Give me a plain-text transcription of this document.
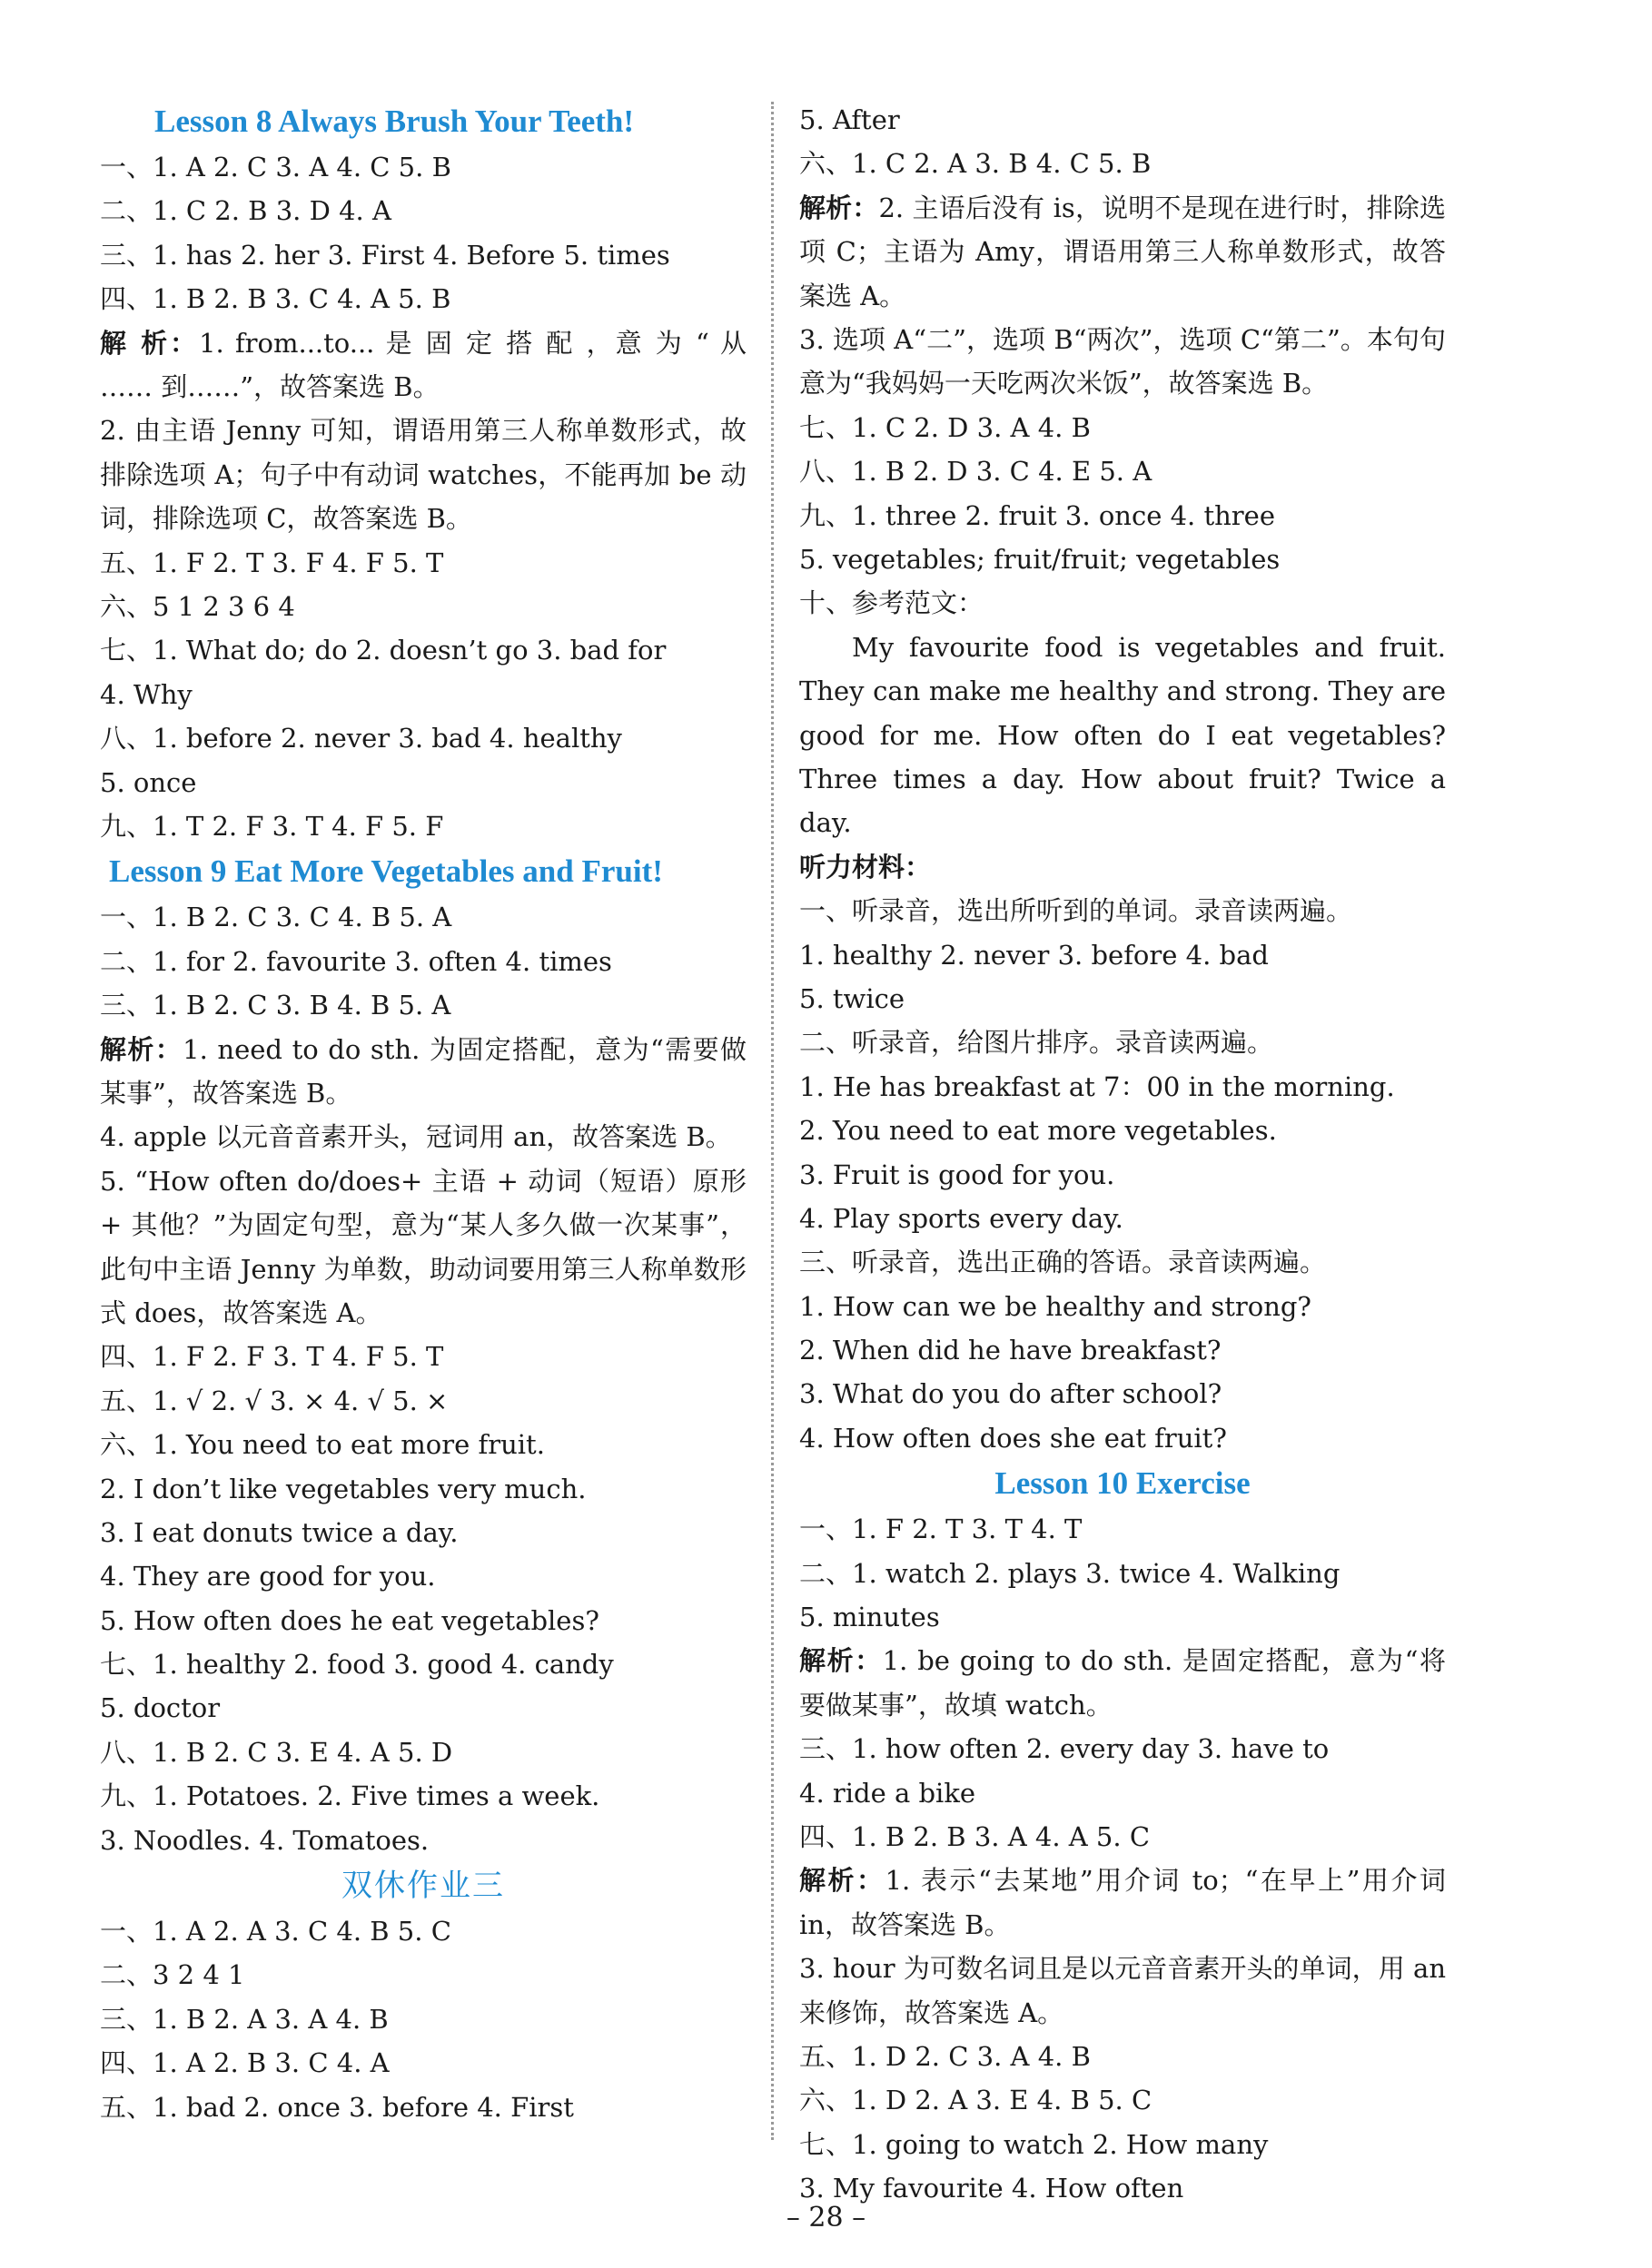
Lesson 8 Always Brush Your Teeth!
一、1. A 2. C 3. A 4. C 5. B
二、1. C 2. B 3. D 4. A
三、1. has 2. her 3. First 4. Before 5. times
四、1. B 2. B 3. C 4. A 5. B
解 析：1. from...to... 是 固 定 搭 配 ，意 为 “ 从 …… 到……”，故答案选 B。
2. 由主语 Jenny 可知，谓语用第三人称单数形式，故排除选项 A；句子中有动词 watches，不能再加 be 动词，排除选项 C，故答案选 B。
五、1. F 2. T 3. F 4. F 5. T
六、5 1 2 3 6 4
七、1. What do; do 2. doesn’t go 3. bad for
4. Why
八、1. before 2. never 3. bad 4. healthy
5. once
九、1. T 2. F 3. T 4. F 5. F
Lesson 9 Eat More Vegetables and Fruit!
一、1. B 2. C 3. C 4. B 5. A
二、1. for 2. favourite 3. often 4. times
三、1. B 2. C 3. B 4. B 5. A
解析：1. need to do sth. 为固定搭配，意为“需要做某事”，故答案选 B。
4. apple 以元音音素开头，冠词用 an，故答案选 B。
5. “How often do/does+ 主语 + 动词（短语）原形 + 其他？”为固定句型，意为“某人多久做一次某事”，此句中主语 Jenny 为单数，助动词要用第三人称单数形式 does，故答案选 A。
四、1. F 2. F 3. T 4. F 5. T
五、1. √ 2. √ 3. × 4. √ 5. ×
六、1. You need to eat more fruit.
2. I don’t like vegetables very much.
3. I eat donuts twice a day.
4. They are good for you.
5. How often does he eat vegetables?
七、1. healthy 2. food 3. good 4. candy
5. doctor
八、1. B 2. C 3. E 4. A 5. D
九、1. Potatoes. 2. Five times a week.
3. Noodles. 4. Tomatoes.
双休作业三
一、1. A 2. A 3. C 4. B 5. C
二、3 2 4 1
三、1. B 2. A 3. A 4. B
四、1. A 2. B 3. C 4. A
五、1. bad 2. once 3. before 4. First
5. After
六、1. C 2. A 3. B 4. C 5. B
解析：2. 主语后没有 is，说明不是现在进行时，排除选项 C；主语为 Amy，谓语用第三人称单数形式，故答案选 A。
3. 选项 A“二”，选项 B“两次”，选项 C“第二”。本句句意为“我妈妈一天吃两次米饭”，故答案选 B。
七、1. C 2. D 3. A 4. B
八、1. B 2. D 3. C 4. E 5. A
九、1. three 2. fruit 3. once 4. three
5. vegetables; fruit/fruit; vegetables
十、参考范文：
My favourite food is vegetables and fruit. They can make me healthy and strong. They are good for me. How often do I eat vegetables? Three times a day. How about fruit? Twice a day.
听力材料：
一、听录音，选出所听到的单词。录音读两遍。
1. healthy 2. never 3. before 4. bad
5. twice
二、听录音，给图片排序。录音读两遍。
1. He has breakfast at 7：00 in the morning.
2. You need to eat more vegetables.
3. Fruit is good for you.
4. Play sports every day.
三、听录音，选出正确的答语。录音读两遍。
1. How can we be healthy and strong?
2. When did he have breakfast?
3. What do you do after school?
4. How often does she eat fruit?
Lesson 10 Exercise
一、1. F 2. T 3. T 4. T
二、1. watch 2. plays 3. twice 4. Walking
5. minutes
解析：1. be going to do sth. 是固定搭配，意为“将要做某事”，故填 watch。
三、1. how often 2. every day 3. have to
4. ride a bike
四、1. B 2. B 3. A 4. A 5. C
解析：1. 表示“去某地”用介词 to；“在早上”用介词 in，故答案选 B。
3. hour 为可数名词且是以元音音素开头的单词，用 an 来修饰，故答案选 A。
五、1. D 2. C 3. A 4. B
六、1. D 2. A 3. E 4. B 5. C
七、1. going to watch 2. How many
3. My favourite 4. How often
– 28 –
